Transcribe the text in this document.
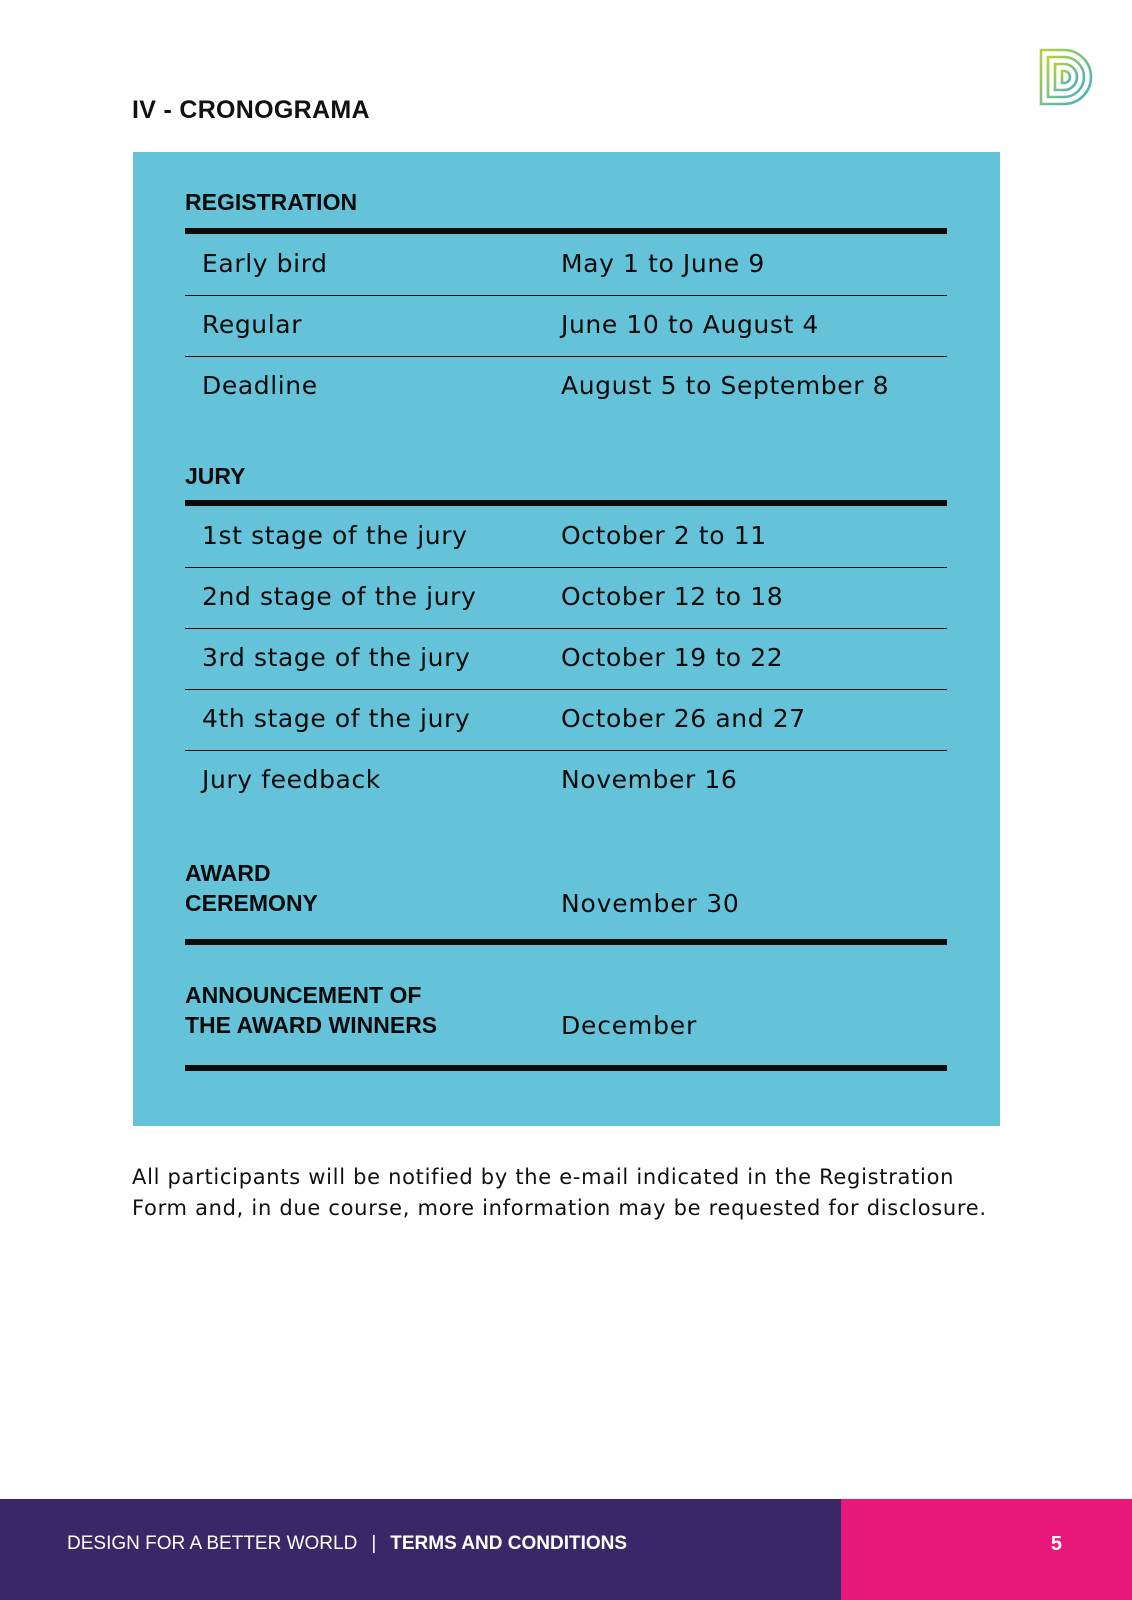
IV - CRONOGRAMA
REGISTRATION
Early bird	May 1 to June 9
Regular	June 10 to August 4
Deadline	August 5 to September 8
JURY
1st stage of the jury	October 2 to 11
2nd stage of the jury	October 12 to 18
3rd stage of the jury	October 19 to 22
4th stage of the jury	October 26 and 27
Jury feedback	November 16
AWARD
CEREMONY	November 30
ANNOUNCEMENT OF
THE AWARD WINNERS	December

All participants will be notified by the e-mail indicated in the Registration Form and, in due course, more information may be requested for disclosure.

DESIGN FOR A BETTER WORLD | TERMS AND CONDITIONS	5
